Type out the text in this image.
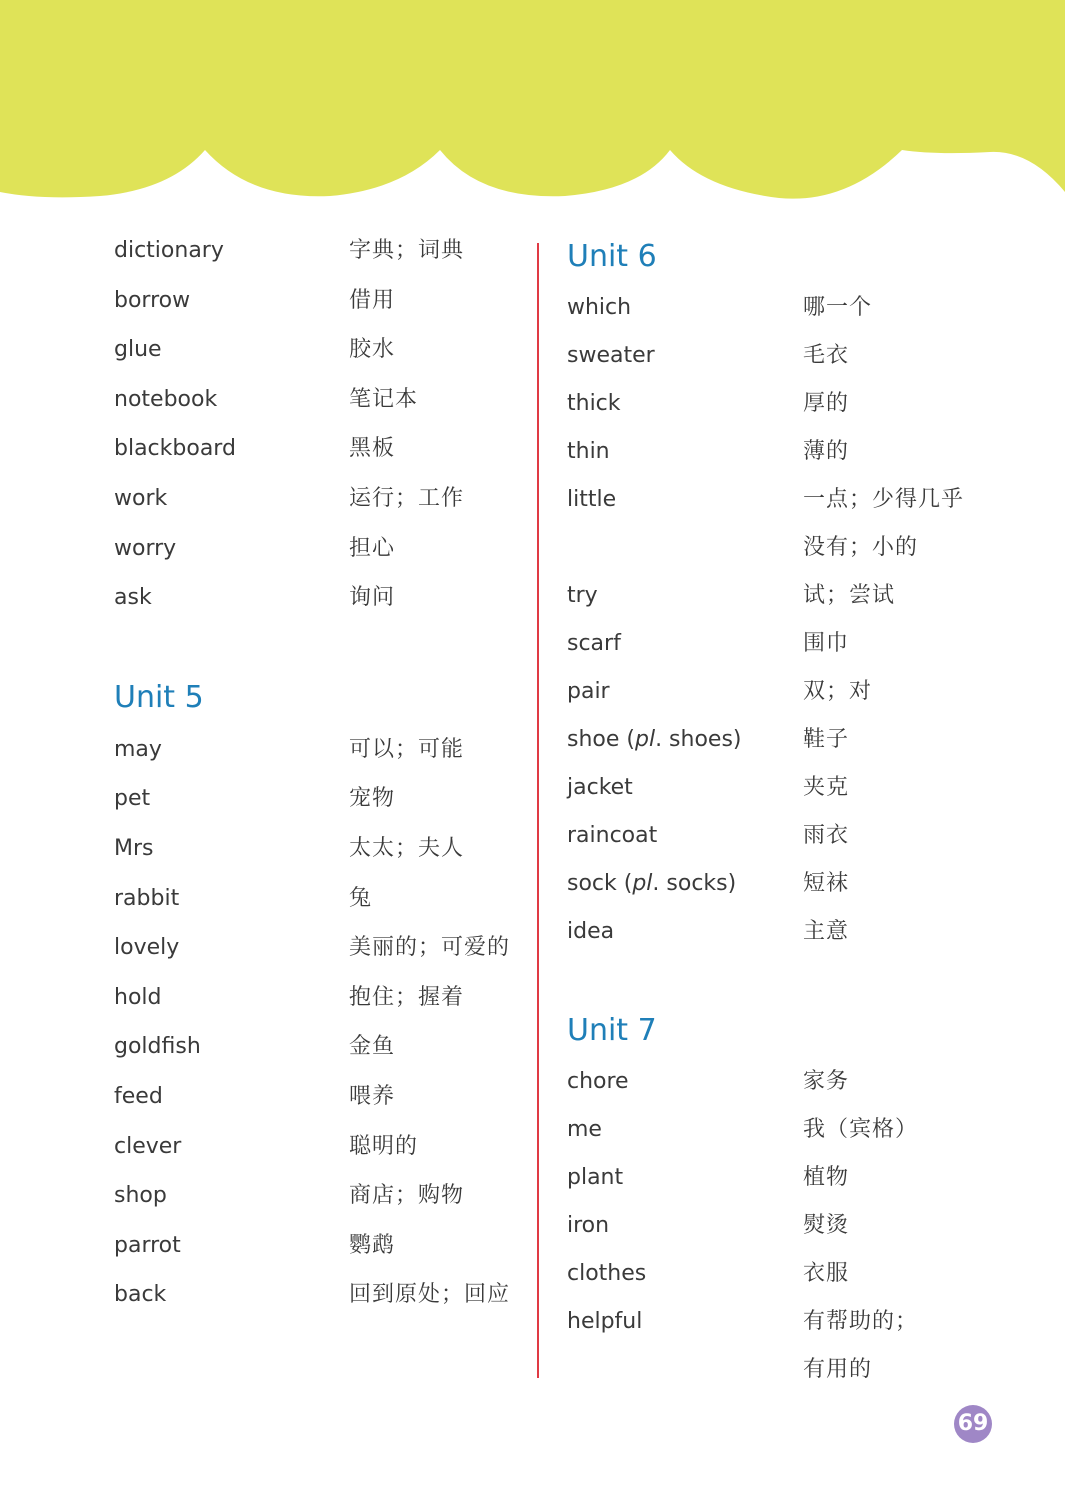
dictionary	字典；词典
borrow	借用
glue	胶水
notebook	笔记本
blackboard	黑板
work	运行；工作
worry	担心
ask	询问
Unit 5
may	可以；可能
pet	宠物
Mrs	太太；夫人
rabbit	兔
lovely	美丽的；可爱的
hold	抱住；握着
goldfish	金鱼
feed	喂养
clever	聪明的
shop	商店；购物
parrot	鹦鹉
back	回到原处；回应
Unit 6
which	哪一个
sweater	毛衣
thick	厚的
thin	薄的
little	一点；少得几乎
没有；小的
try	试；尝试
scarf	围巾
pair	双；对
shoe (pl. shoes)	鞋子
jacket	夹克
raincoat	雨衣
sock (pl. socks)	短袜
idea	主意
Unit 7
chore	家务
me	我（宾格）
plant	植物
iron	熨烫
clothes	衣服
helpful	有帮助的；
有用的
69
